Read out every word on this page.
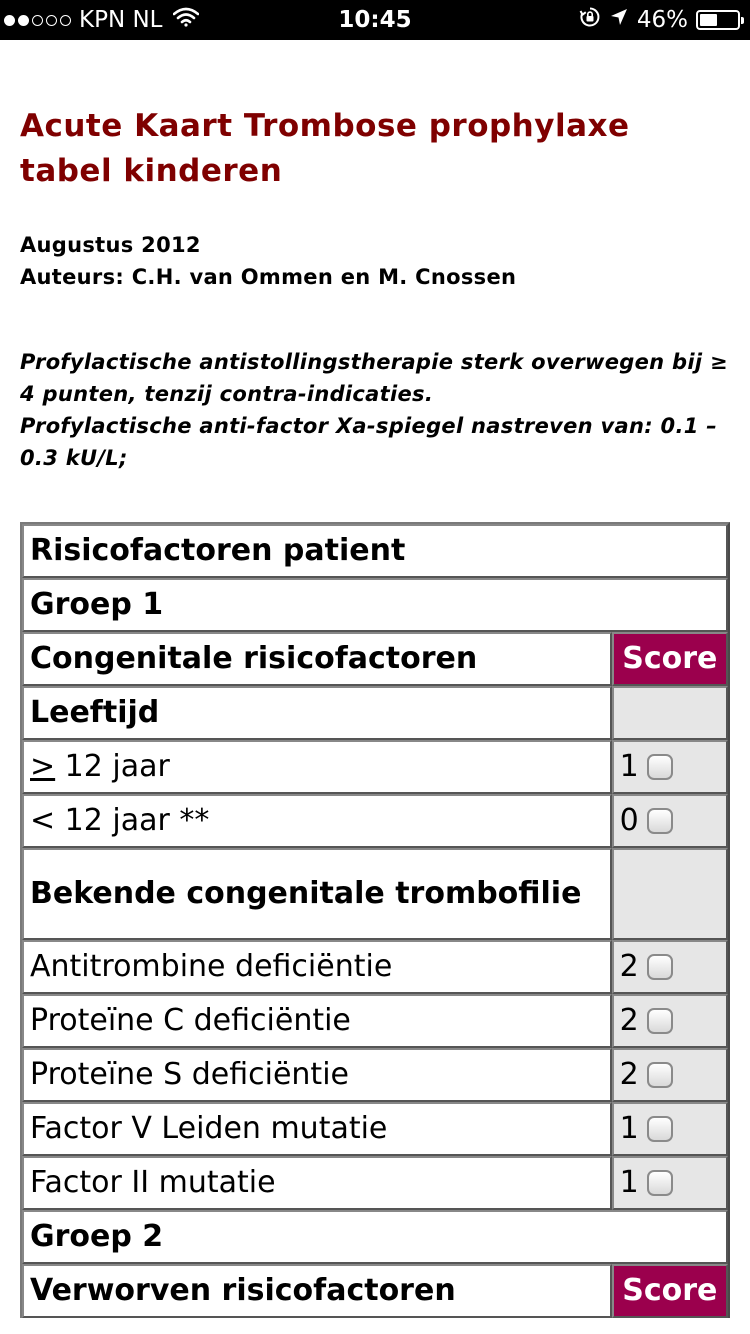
KPN NL	10:45	46%
Acute Kaart Trombose prophylaxe tabel kinderen
Augustus 2012
Auteurs: C.H. van Ommen en M. Cnossen

Profylactische antistollingstherapie sterk overwegen bij ≥ 4 punten, tenzij contra-indicaties.

Profylactische anti-factor Xa-spiegel nastreven van: 0.1 – 0.3 kU/L;

Risicofactoren patient	
Groep 1	
Congenitale risicofactoren	Score
Leeftijd	
≥ 12 jaar	1

< 12 jaar **	0

Bekende congenitale trombofilie	
Antitrombine deficiëntie	2

Proteïne C deficiëntie	2

Proteïne S deficiëntie	2

Factor V Leiden mutatie	1

Factor II mutatie	1

Groep 2	
Verworven risicofactoren	Score
